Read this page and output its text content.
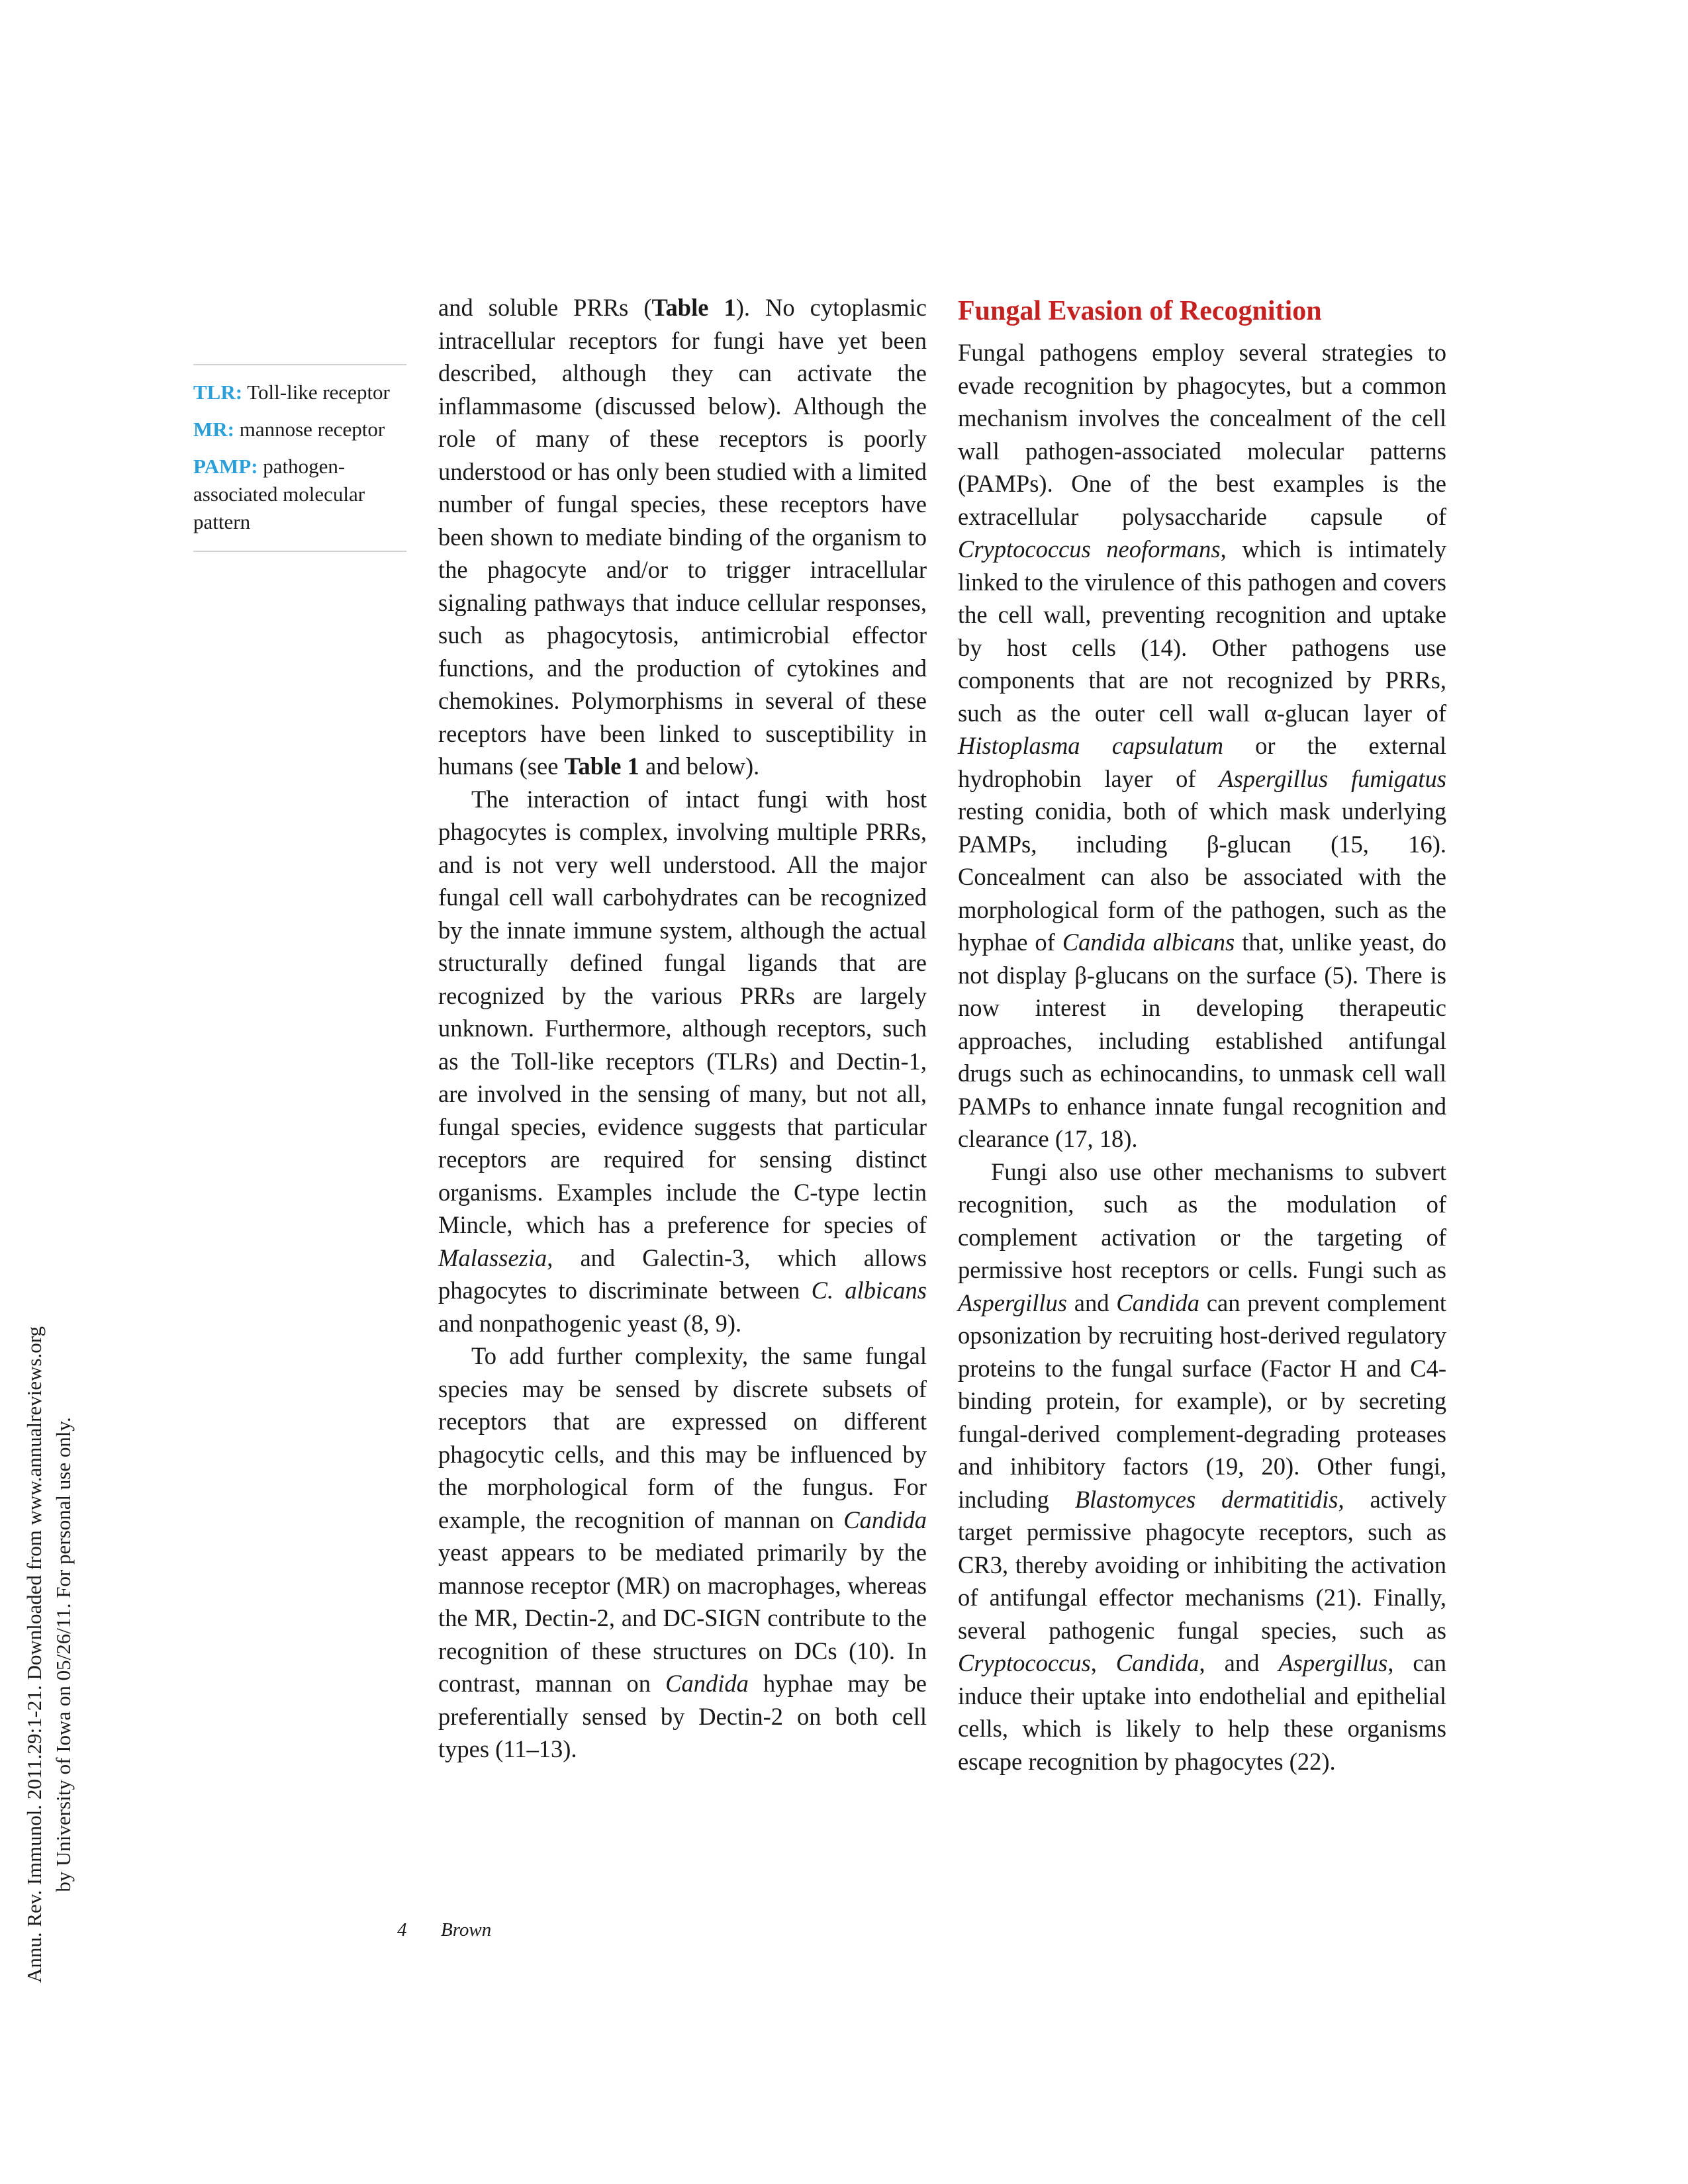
Annu. Rev. Immunol. 2011.29:1-21. Downloaded from www.annualreviews.org by University of Iowa on 05/26/11. For personal use only.
TLR: Toll-like receptor
MR: mannose receptor
PAMP: pathogen-associated molecular pattern

and soluble PRRs (Table 1). No cytoplasmic intracellular receptors for fungi have yet been described, although they can activate the inflammasome (discussed below). Although the role of many of these receptors is poorly understood or has only been studied with a limited number of fungal species, these receptors have been shown to mediate binding of the organism to the phagocyte and/or to trigger intracellular signaling pathways that induce cellular responses, such as phagocytosis, antimicrobial effector functions, and the production of cytokines and chemokines. Polymorphisms in several of these receptors have been linked to susceptibility in humans (see Table 1 and below).

The interaction of intact fungi with host phagocytes is complex, involving multiple PRRs, and is not very well understood. All the major fungal cell wall carbohydrates can be recognized by the innate immune system, although the actual structurally defined fungal ligands that are recognized by the various PRRs are largely unknown. Furthermore, although receptors, such as the Toll-like receptors (TLRs) and Dectin-1, are involved in the sensing of many, but not all, fungal species, evidence suggests that particular receptors are required for sensing distinct organisms. Examples include the C-type lectin Mincle, which has a preference for species of Malassezia, and Galectin-3, which allows phagocytes to discriminate between C. albicans and nonpathogenic yeast (8, 9).

To add further complexity, the same fungal species may be sensed by discrete subsets of receptors that are expressed on different phagocytic cells, and this may be influenced by the morphological form of the fungus. For example, the recognition of mannan on Candida yeast appears to be mediated primarily by the mannose receptor (MR) on macrophages, whereas the MR, Dectin-2, and DC-SIGN contribute to the recognition of these structures on DCs (10). In contrast, mannan on Candida hyphae may be preferentially sensed by Dectin-2 on both cell types (11–13).

Fungal Evasion of Recognition

Fungal pathogens employ several strategies to evade recognition by phagocytes, but a common mechanism involves the concealment of the cell wall pathogen-associated molecular patterns (PAMPs). One of the best examples is the extracellular polysaccharide capsule of Cryptococcus neoformans, which is intimately linked to the virulence of this pathogen and covers the cell wall, preventing recognition and uptake by host cells (14). Other pathogens use components that are not recognized by PRRs, such as the outer cell wall α-glucan layer of Histoplasma capsulatum or the external hydrophobin layer of Aspergillus fumigatus resting conidia, both of which mask underlying PAMPs, including β-glucan (15, 16). Concealment can also be associated with the morphological form of the pathogen, such as the hyphae of Candida albicans that, unlike yeast, do not display β-glucans on the surface (5). There is now interest in developing therapeutic approaches, including established antifungal drugs such as echinocandins, to unmask cell wall PAMPs to enhance innate fungal recognition and clearance (17, 18).

Fungi also use other mechanisms to subvert recognition, such as the modulation of complement activation or the targeting of permissive host receptors or cells. Fungi such as Aspergillus and Candida can prevent complement opsonization by recruiting host-derived regulatory proteins to the fungal surface (Factor H and C4-binding protein, for example), or by secreting fungal-derived complement-degrading proteases and inhibitory factors (19, 20). Other fungi, including Blastomyces dermatitidis, actively target permissive phagocyte receptors, such as CR3, thereby avoiding or inhibiting the activation of antifungal effector mechanisms (21). Finally, several pathogenic fungal species, such as Cryptococcus, Candida, and Aspergillus, can induce their uptake into endothelial and epithelial cells, which is likely to help these organisms escape recognition by phagocytes (22).

4 Brown
